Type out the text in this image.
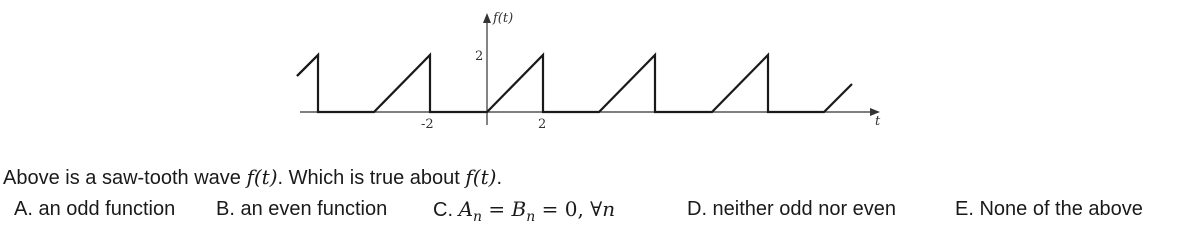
f(t)
2
-2	2	t
Above is a saw-tooth wave f(t). Which is true about f(t).
A. an odd function B. an even function C. $A_n = B_n = 0$, ∀n	D. neither odd nor even	E. None of the above
